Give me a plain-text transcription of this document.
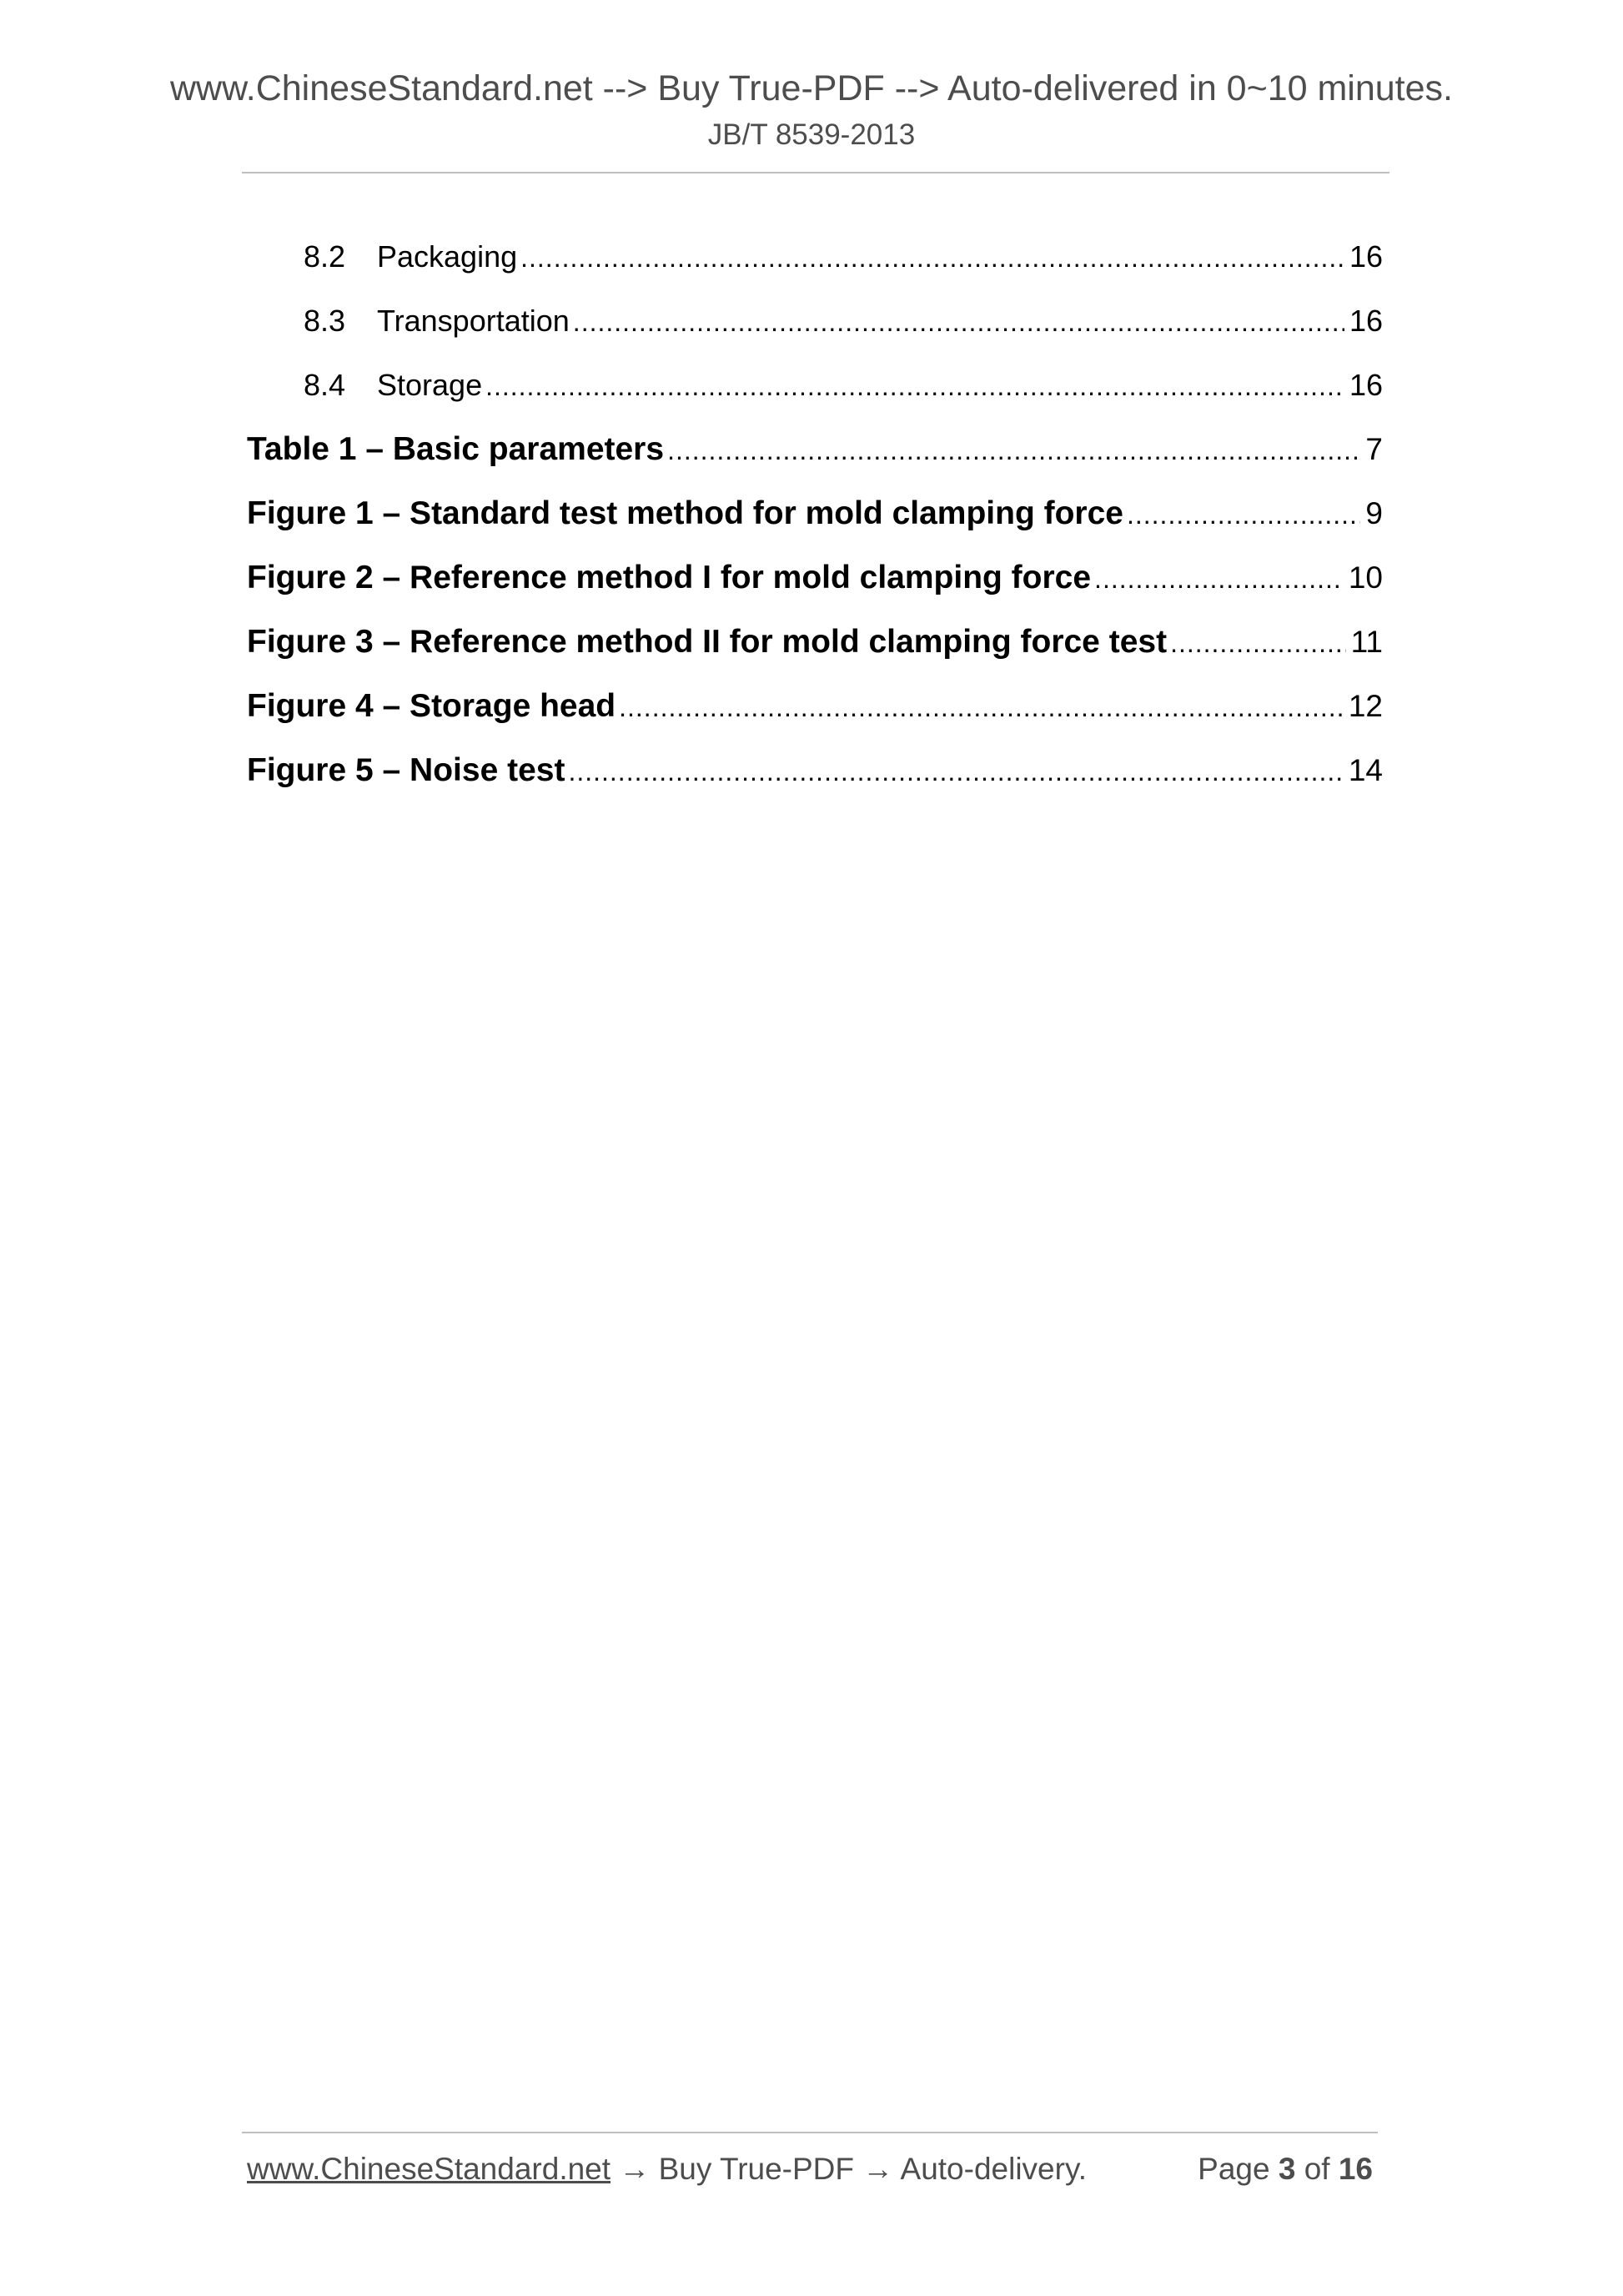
www.ChineseStandard.net --> Buy True-PDF --> Auto-delivered in 0~10 minutes.
JB/T 8539-2013
8.2	Packaging .....	16
8.3	Transportation .....	16
8.4	Storage .....	16
Table 1 – Basic parameters .....	7
Figure 1 – Standard test method for mold clamping force .....	9
Figure 2 – Reference method I for mold clamping force .....	10
Figure 3 – Reference method II for mold clamping force test .....	11
Figure 4 – Storage head .....	12
Figure 5 – Noise test .....	14
www.ChineseStandard.net → Buy True-PDF → Auto-delivery.	Page 3 of 16
